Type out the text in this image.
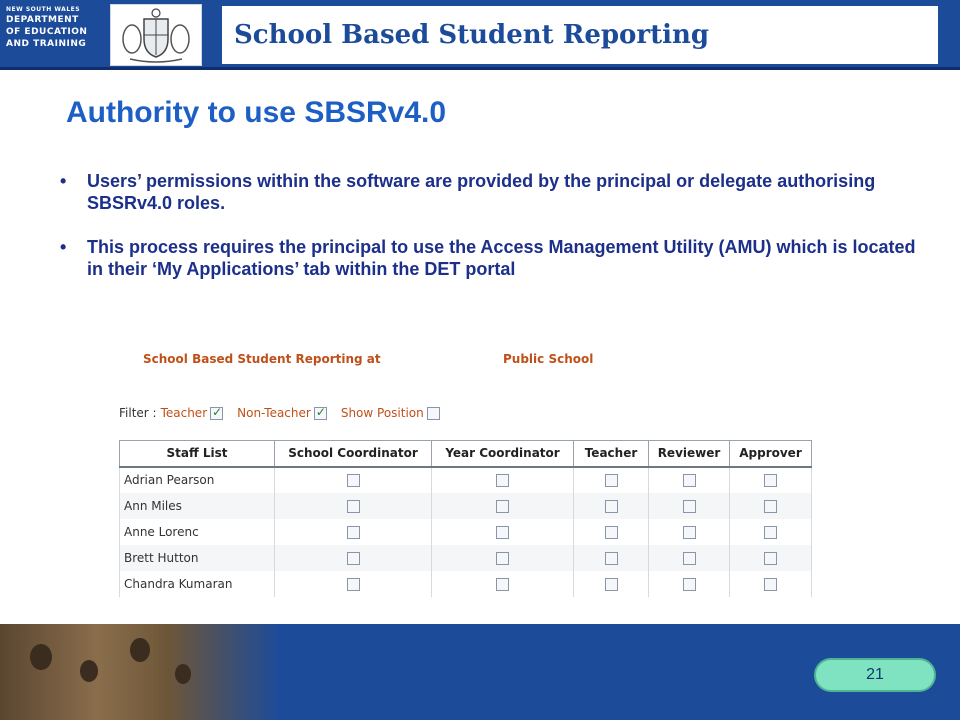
NEW SOUTH WALES
DEPARTMENT
OF EDUCATION
AND TRAINING	School Based Student Reporting
Authority to use SBSRv4.0
• Users’ permissions within the software are provided by the principal or delegate authorising SBSRv4.0 roles.
• This process requires the principal to use the Access Management Utility (AMU) which is located in their ‘My Applications’ tab within the DET portal
School Based Student Reporting at	Public School
Filter : Teacher ✓	Non-Teacher ✓	Show Position
Staff List	School Coordinator	Year Coordinator	Teacher	Reviewer	Approver
Adrian Pearson					
Ann Miles					
Anne Lorenc					
Brett Hutton					
Chandra Kumaran					
21
